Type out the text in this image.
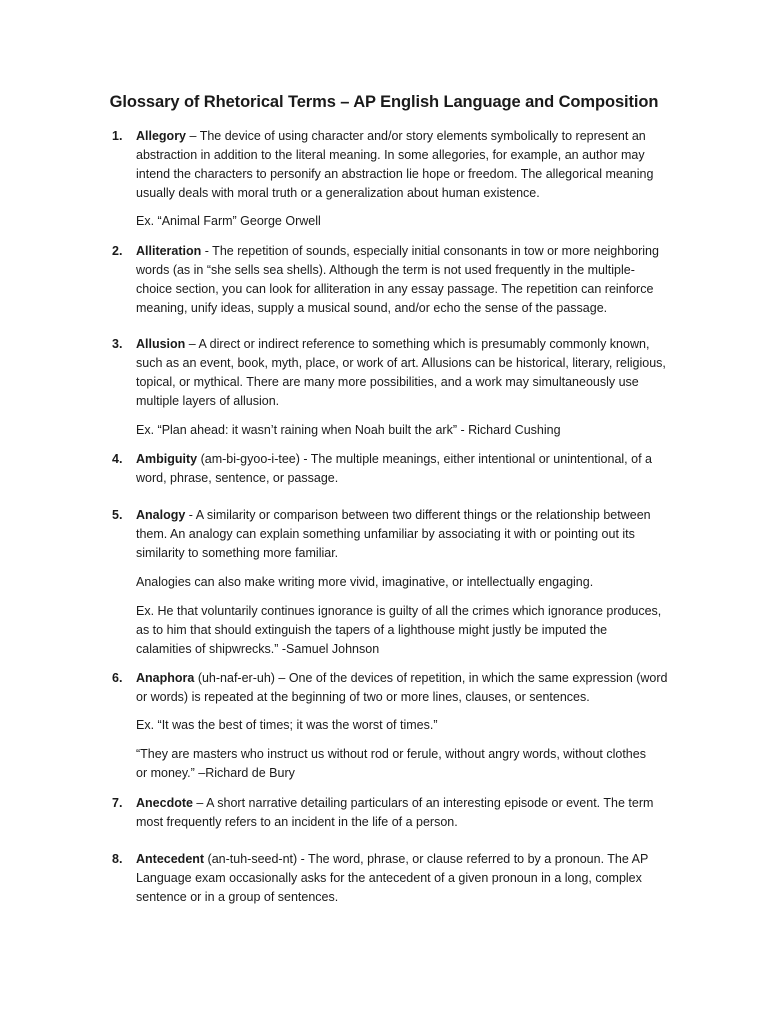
Glossary of Rhetorical Terms – AP English Language and Composition
1.	Allegory – The device of using character and/or story elements symbolically to represent an
abstraction in addition to the literal meaning. In some allegories, for example, an author may
intend the characters to personify an abstraction lie hope or freedom. The allegorical meaning
usually deals with moral truth or a generalization about human existence.
Ex. “Animal Farm” George Orwell
2.	Alliteration - The repetition of sounds, especially initial consonants in tow or more neighboring
words (as in “she sells sea shells). Although the term is not used frequently in the multiple-
choice section, you can look for alliteration in any essay passage. The repetition can reinforce
meaning, unify ideas, supply a musical sound, and/or echo the sense of the passage.
3.	Allusion – A direct or indirect reference to something which is presumably commonly known,
such as an event, book, myth, place, or work of art. Allusions can be historical, literary, religious,
topical, or mythical. There are many more possibilities, and a work may simultaneously use
multiple layers of allusion.
Ex. “Plan ahead: it wasn’t raining when Noah built the ark” - Richard Cushing
4.	Ambiguity (am-bi-gyoo-i-tee) - The multiple meanings, either intentional or unintentional, of a
word, phrase, sentence, or passage.
5.	Analogy - A similarity or comparison between two different things or the relationship between
them. An analogy can explain something unfamiliar by associating it with or pointing out its
similarity to something more familiar.
Analogies can also make writing more vivid, imaginative, or intellectually engaging.
Ex. He that voluntarily continues ignorance is guilty of all the crimes which ignorance produces,
as to him that should extinguish the tapers of a lighthouse might justly be imputed the
calamities of shipwrecks.” -Samuel Johnson
6.	Anaphora (uh-naf-er-uh) – One of the devices of repetition, in which the same expression (word
or words) is repeated at the beginning of two or more lines, clauses, or sentences.
Ex. “It was the best of times; it was the worst of times.”
“They are masters who instruct us without rod or ferule, without angry words, without clothes
or money.” –Richard de Bury
7.	Anecdote – A short narrative detailing particulars of an interesting episode or event. The term
most frequently refers to an incident in the life of a person.
8.	Antecedent (an-tuh-seed-nt) - The word, phrase, or clause referred to by a pronoun. The AP
Language exam occasionally asks for the antecedent of a given pronoun in a long, complex
sentence or in a group of sentences.
